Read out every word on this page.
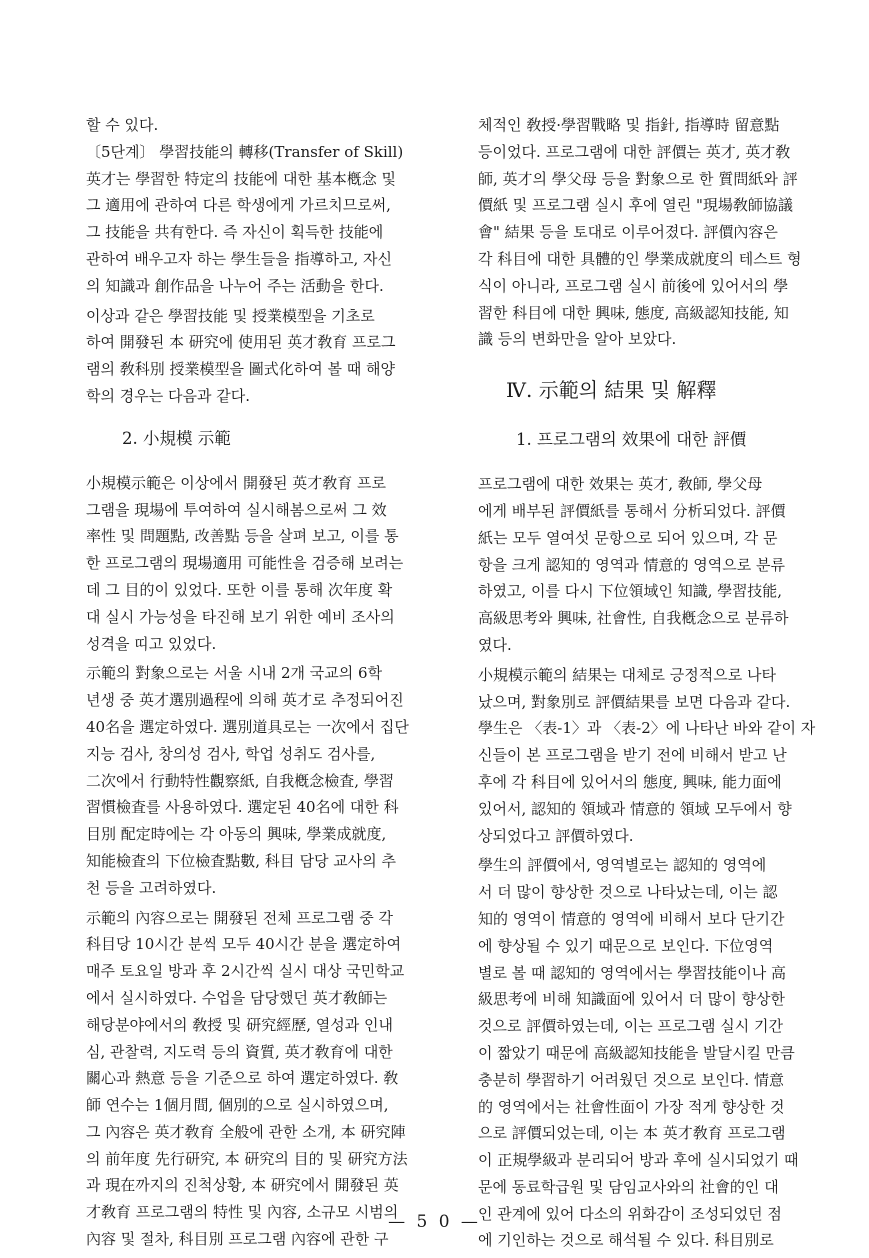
할 수 있다.
〔5단계〕 學習技能의 轉移(Transfer of Skill)
英才는 學習한 特定의 技能에 대한 基本槪念 및
그 適用에 관하여 다른 학생에게 가르치므로써,
그 技能을 共有한다. 즉 자신이 획득한 技能에
관하여 배우고자 하는 學生들을 指導하고, 자신
의 知識과 創作品을 나누어 주는 活動을 한다.
이상과 같은 學習技能 및 授業模型을 기초로
하여 開發된 本 研究에 使用된 英才敎育 프로그
램의 敎科別 授業模型을 圖式化하여 볼 때 해양
학의 경우는 다음과 같다.
2. 小規模 示範
小規模示範은 이상에서 開發된 英才敎育 프로
그램을 現場에 투여하여 실시해봄으로써 그 效
率性 및 問題點, 改善點 등을 살펴 보고, 이를 통
한 프로그램의 現場適用 可能性을 검증해 보려는
데 그 目的이 있었다. 또한 이를 통해 次年度 확
대 실시 가능성을 타진해 보기 위한 예비 조사의
성격을 띠고 있었다.
示範의 對象으로는 서울 시내 2개 국교의 6학
년생 중 英才選別過程에 의해 英才로 추정되어진
40名을 選定하였다. 選別道具로는 一次에서 집단
지능 검사, 창의성 검사, 학업 성취도 검사를,
二次에서 行動特性觀察紙, 自我槪念檢査, 學習
習慣檢査를 사용하였다. 選定된 40名에 대한 科
目別 配定時에는 각 아동의 興味, 學業成就度,
知能檢査의 下位檢査點數, 科目 담당 교사의 추
천 등을 고려하였다.
示範의 內容으로는 開發된 전체 프로그램 중 각
科目당 10시간 분씩 모두 40시간 분을 選定하여
매주 토요일 방과 후 2시간씩 실시 대상 국민학교
에서 실시하였다. 수업을 담당했던 英才敎師는
해당분야에서의 敎授 및 研究經歷, 열성과 인내
심, 관찰력, 지도력 등의 資質, 英才敎育에 대한
關心과 熱意 등을 기준으로 하여 選定하였다. 敎
師 연수는 1個月間, 個別的으로 실시하였으며,
그 內容은 英才敎育 全般에 관한 소개, 本 研究陣
의 前年度 先行研究, 本 研究의 目的 및 研究方法
과 現在까지의 진척상황, 本 研究에서 開發된 英
才敎育 프로그램의 特性 및 內容, 소규모 시범의
內容 및 절차, 科目別 프로그램 內容에 관한 구
체적인 敎授·學習戰略 및 指針, 指導時 留意點
등이었다. 프로그램에 대한 評價는 英才, 英才敎
師, 英才의 學父母 등을 對象으로 한 質問紙와 評
價紙 및 프로그램 실시 후에 열린 "現場敎師協議
會" 結果 등을 토대로 이루어졌다. 評價內容은
각 科目에 대한 具體的인 學業成就度의 테스트 형
식이 아니라, 프로그램 실시 前後에 있어서의 學
習한 科目에 대한 興味, 態度, 高級認知技能, 知
識 등의 변화만을 알아 보았다.
Ⅳ. 示範의 結果 및 解釋
1. 프로그램의 效果에 대한 評價
프로그램에 대한 效果는 英才, 敎師, 學父母
에게 배부된 評價紙를 통해서 分析되었다. 評價
紙는 모두 열여섯 문항으로 되어 있으며, 각 문
항을 크게 認知的 영역과 情意的 영역으로 분류
하였고, 이를 다시 下位領域인 知識, 學習技能,
高級思考와 興味, 社會性, 自我槪念으로 분류하
였다.
小規模示範의 結果는 대체로 긍정적으로 나타
났으며, 對象別로 評價結果를 보면 다음과 같다.
學生은 〈表-1〉과 〈表-2〉에 나타난 바와 같이 자
신들이 본 프로그램을 받기 전에 비해서 받고 난
후에 각 科目에 있어서의 態度, 興味, 能力面에
있어서, 認知的 領域과 情意的 領域 모두에서 향
상되었다고 評價하였다.
學生의 評價에서, 영역별로는 認知的 영역에
서 더 많이 향상한 것으로 나타났는데, 이는 認
知的 영역이 情意的 영역에 비해서 보다 단기간
에 향상될 수 있기 때문으로 보인다. 下位영역
별로 볼 때 認知的 영역에서는 學習技能이나 高
級思考에 비해 知識面에 있어서 더 많이 향상한
것으로 評價하였는데, 이는 프로그램 실시 기간
이 짧았기 때문에 高級認知技能을 발달시킬 만큼
충분히 學習하기 어려웠던 것으로 보인다. 情意
的 영역에서는 社會性面이 가장 적게 향상한 것
으로 評價되었는데, 이는 本 英才敎育 프로그램
이 正規學級과 분리되어 방과 후에 실시되었기 때
문에 동료학급원 및 담임교사와의 社會的인 대
인 관계에 있어 다소의 위화감이 조성되었던 점
에 기인하는 것으로 해석될 수 있다. 科目別로
— 5 0 —
